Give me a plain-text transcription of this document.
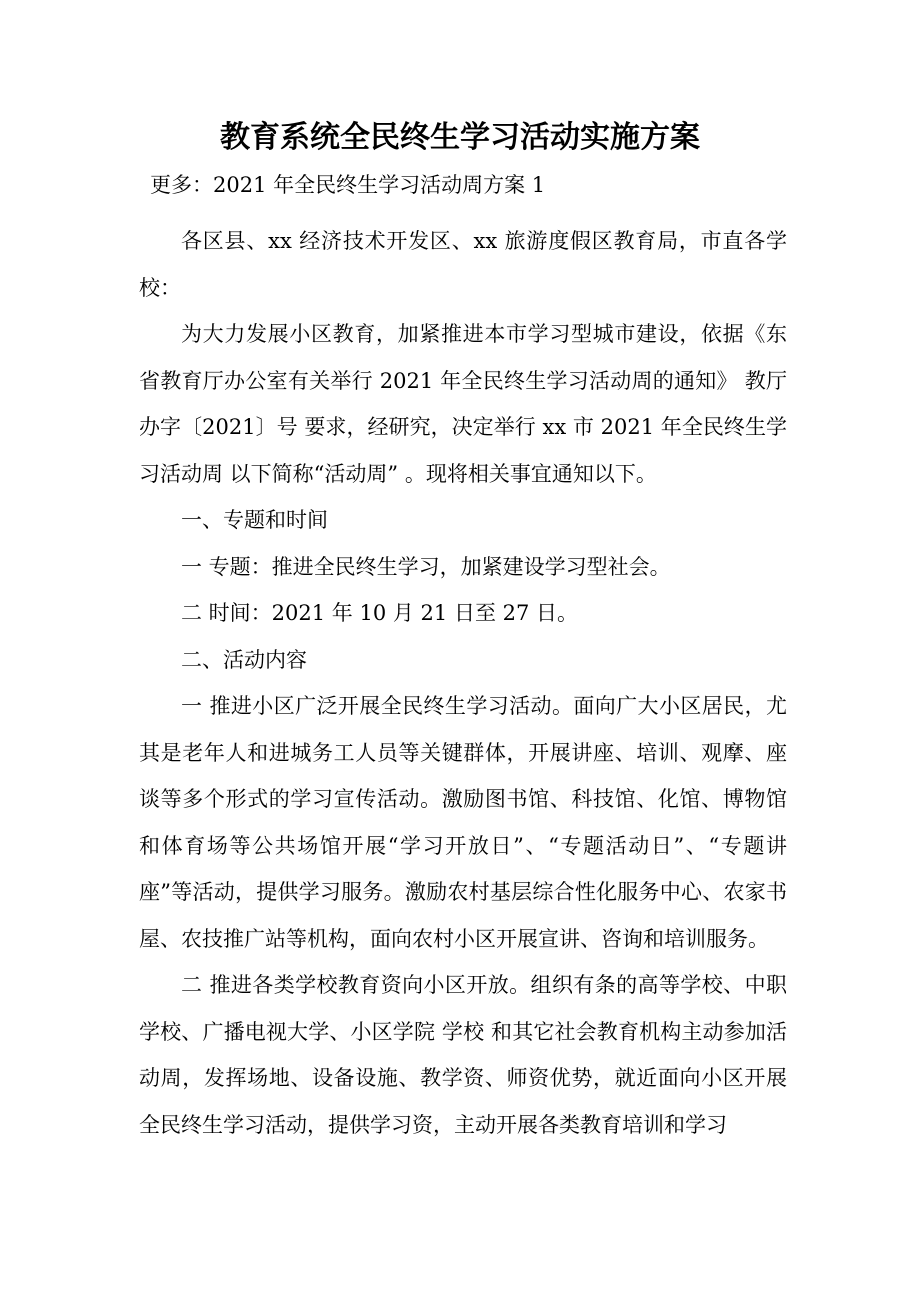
教育系统全民终生学习活动实施方案
更多：2021 年全民终生学习活动周方案 1

各区县、xx 经济技术开发区、xx 旅游度假区教育局，市直各学校：

为大力发展小区教育，加紧推进本市学习型城市建设，依据《东省教育厅办公室有关举行 2021 年全民终生学习活动周的通知》 教厅办字〔2021〕号 要求，经研究，决定举行 xx 市 2021 年全民终生学习活动周 以下简称“活动周” 。现将相关事宜通知以下。

一、专题和时间

一 专题：推进全民终生学习，加紧建设学习型社会。

二 时间：2021 年 10 月 21 日至 27 日。

二、活动内容

一 推进小区广泛开展全民终生学习活动。面向广大小区居民，尤其是老年人和进城务工人员等关键群体，开展讲座、培训、观摩、座谈等多个形式的学习宣传活动。激励图书馆、科技馆、化馆、博物馆和体育场等公共场馆开展“学习开放日”、“专题活动日”、“专题讲座”等活动，提供学习服务。激励农村基层综合性化服务中心、农家书屋、农技推广站等机构，面向农村小区开展宣讲、咨询和培训服务。

二 推进各类学校教育资向小区开放。组织有条的高等学校、中职学校、广播电视大学、小区学院 学校 和其它社会教育机构主动参加活动周，发挥场地、设备设施、教学资、师资优势，就近面向小区开展全民终生学习活动，提供学习资，主动开展各类教育培训和学习
